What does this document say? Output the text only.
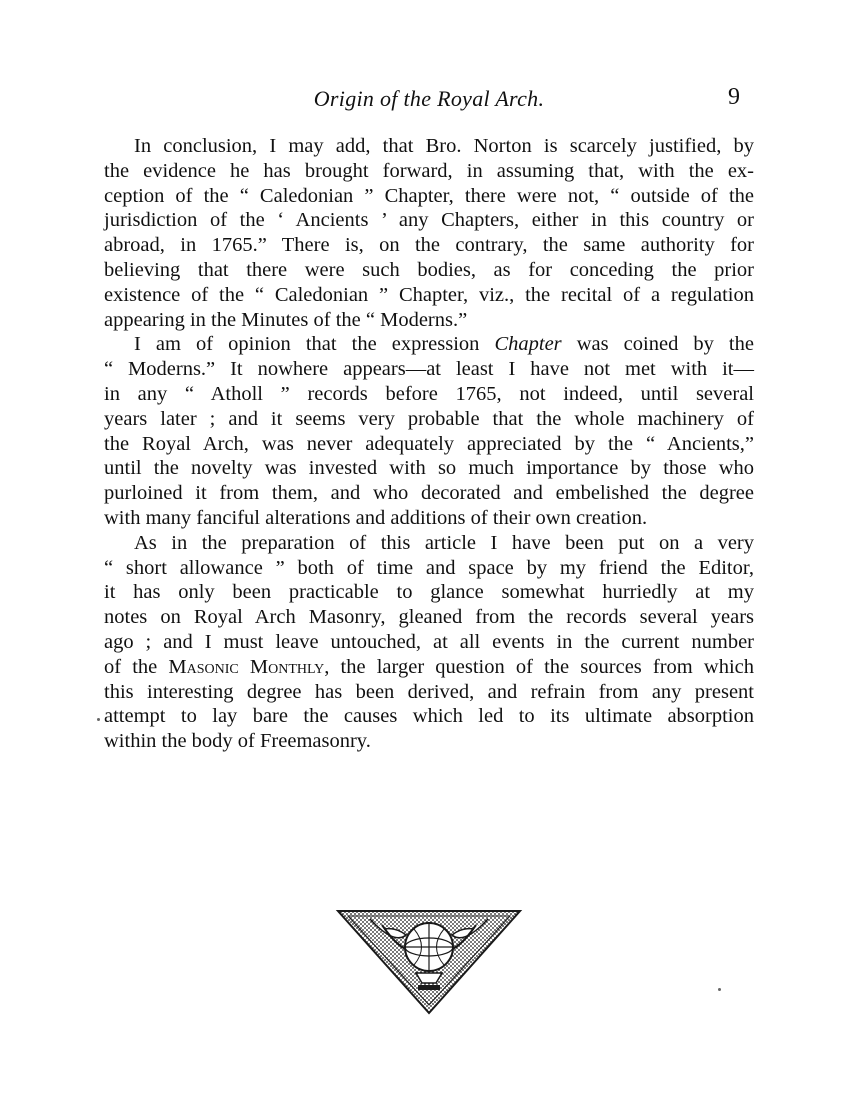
Origin of the Royal Arch.	9
In conclusion, I may add, that Bro. Norton is scarcely justified, by
the evidence he has brought forward, in assuming that, with the ex-
ception of the “ Caledonian ” Chapter, there were not, “ outside of the
jurisdiction of the ‘ Ancients ’ any Chapters, either in this country or
abroad, in 1765.” There is, on the contrary, the same authority for
believing that there were such bodies, as for conceding the prior
existence of the “ Caledonian ” Chapter, viz., the recital of a regulation
appearing in the Minutes of the “ Moderns.”
I am of opinion that the expression Chapter was coined by the
“ Moderns.” It nowhere appears—at least I have not met with it—
in any “ Atholl ” records before 1765, not indeed, until several
years later ; and it seems very probable that the whole machinery of
the Royal Arch, was never adequately appreciated by the “ Ancients,”
until the novelty was invested with so much importance by those who
purloined it from them, and who decorated and embelished the degree
with many fanciful alterations and additions of their own creation.
As in the preparation of this article I have been put on a very
“ short allowance ” both of time and space by my friend the Editor,
it has only been practicable to glance somewhat hurriedly at my
notes on Royal Arch Masonry, gleaned from the records several years
ago ; and I must leave untouched, at all events in the current number
of the Masonic Monthly, the larger question of the sources from which
this interesting degree has been derived, and refrain from any present
attempt to lay bare the causes which led to its ultimate absorption
within the body of Freemasonry.
